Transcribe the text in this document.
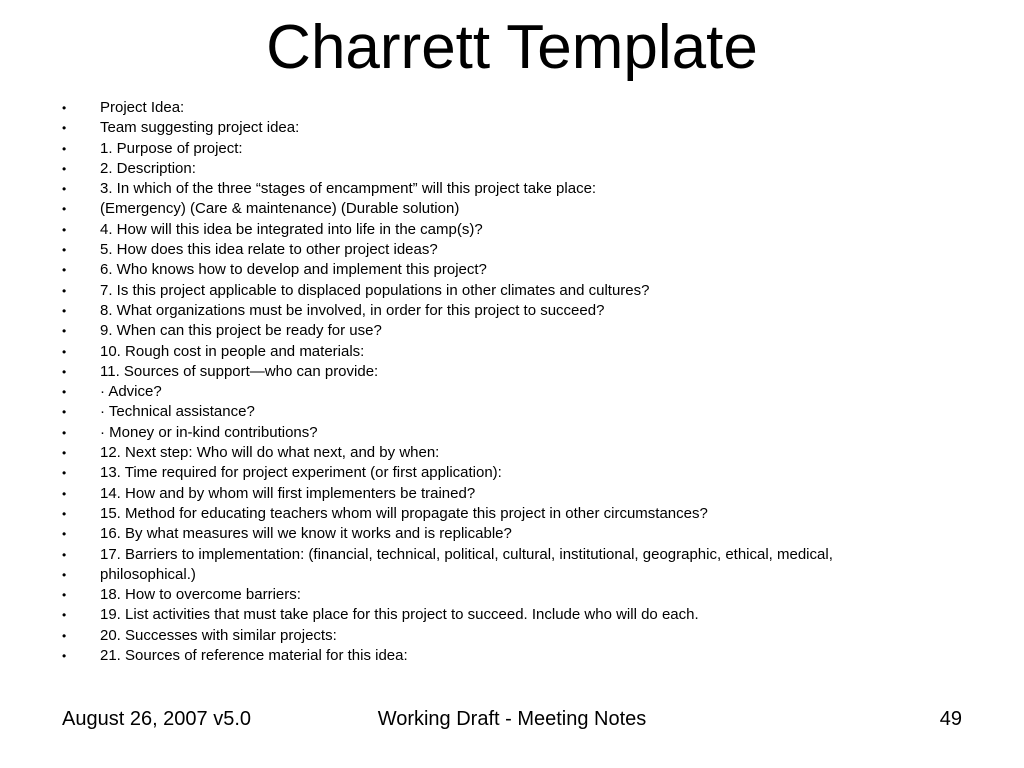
Charrett Template
•	Project Idea:
•	Team suggesting project idea:
•	1. Purpose of project:
•	2. Description:
•	3. In which of the three “stages of encampment” will this project take place:
•	(Emergency) (Care & maintenance) (Durable solution)
•	4. How will this idea be integrated into life in the camp(s)?
•	5. How does this idea relate to other project ideas?
•	6. Who knows how to develop and implement this project?
•	7. Is this project applicable to displaced populations in other climates and cultures?
•	8. What organizations must be involved, in order for this project to succeed?
•	9. When can this project be ready for use?
•	10. Rough cost in people and materials:
•	11. Sources of support—who can provide:
•	· Advice?
•	· Technical assistance?
•	· Money or in-kind contributions?
•	12. Next step: Who will do what next, and by when:
•	13. Time required for project experiment (or first application):
•	14. How and by whom will first implementers be trained?
•	15. Method for educating teachers whom will propagate this project in other circumstances?
•	16. By what measures will we know it works and is replicable?
•	17. Barriers to implementation: (financial, technical, political, cultural, institutional, geographic, ethical, medical,
•	philosophical.)
•	18. How to overcome barriers:
•	19. List activities that must take place for this project to succeed. Include who will do each.
•	20. Successes with similar projects:
•	21. Sources of reference material for this idea:
Working Draft - Meeting Notes
August 26, 2007 v5.0	49
